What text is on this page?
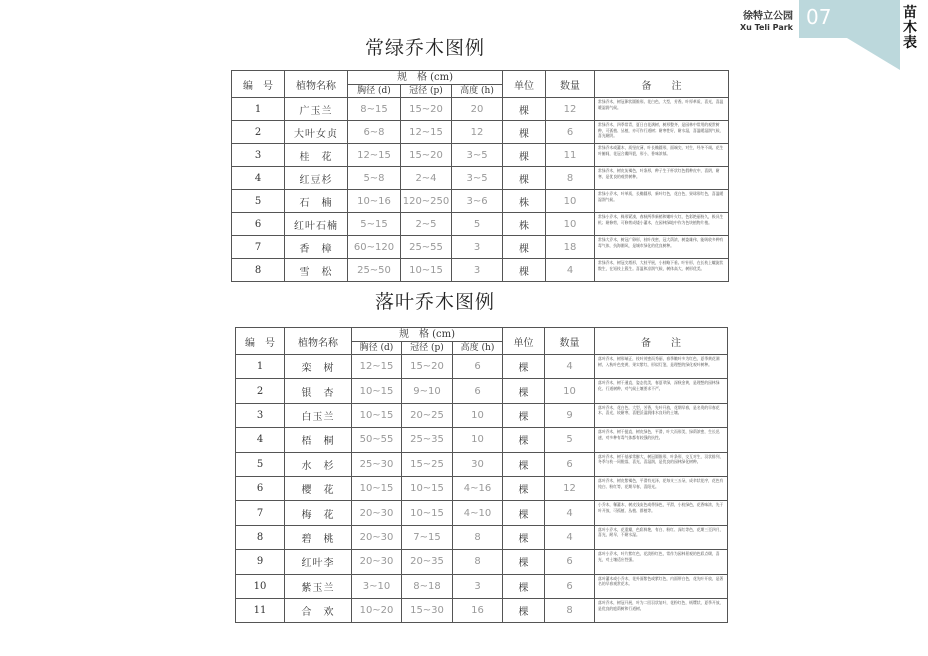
徐特立公园
Xu Teli Park 07	苗木表
常绿乔木图例
编　号	植物名称	规　格 (cm)			单位	数量	备　　注
		胸径 (d)	冠径 (p)	高度 (h)			
1	广玉兰	8~15	15~20	20	棵	12	常绿乔木，树冠卵状圆锥形。花白色，大型，芳香。叶厚革质，喜光，喜温暖湿润气候。
2	大叶女贞	6~8	12~15	12	棵	6	常绿乔木，四季常青，夏日白花满树，树形整齐，是园林中常用的观赏树种，可孤植、丛植，亦可作行道树；耐寒性好，耐水湿，喜温暖湿润气候，喜光耐阴。
3	桂　花	12~15	15~20	3~5	棵	11	常绿乔木或灌木，质坚皮薄，叶长椭圆形，面端尖，对生，经冬不凋。花生叶腑间，花冠合瓣四裂，形小，香味浓郁。
4	红豆杉	5~8	2~4	3~5	棵	8	常绿乔木，树皮灰褐色，叶条形，种子生于杯状红色假种皮中，喜阴，耐寒，是优良的观赏树种。
5	石　楠	10~16	120~250	3~6	株	10	常绿小乔木，叶革质，长椭圆形，新叶红色，花白色，果球形红色，喜温暖湿润气候。
6	红叶石楠	5~15	2~5	5	株	10	常绿小乔木，株形紧凑，春秋两季新梢和嫩叶火红，色彩艳丽持久，极具生机；耐修剪，可修剪成矮小灌木，在园林绿地中作为色块植物片植。
7	香　樟	60~120	25~55	3	棵	18	常绿大乔木，树冠广卵形，枝叶茂密，冠大荫浓，树姿雄伟，能吸收多种有毒气体，抗海潮风，是城市绿化的优良树种。
8	雪　松	25~50	10~15	3	棵	4	常绿乔木，树冠尖塔形，大枝平展，小枝略下垂。叶针形，在长枝上螺旋状散生，在短枝上簇生。喜温和凉润气候，树体高大，树形优美。
落叶乔木图例
编　号	植物名称	规　格 (cm)			单位	数量	备　　注
		胸径 (d)	冠径 (p)	高度 (h)			
1	栾　树	12~15	15~20	6	棵	4	落叶乔木，树形端正，枝叶茂密而秀丽，春季嫩叶多为红色，夏季黄花满树，入秋叶色变黄，果实紫红，形似灯笼，是理想的绿化观叶树种。
2	银　杏	10~15	9~10	6	棵	10	落叶乔木，树干通直，姿态优美，春夏翠绿，深秋金黄，是理想的园林绿化、行道树种，对气候土壤要求不严。
3	白玉兰	10~15	20~25	10	棵	9	落叶乔木，花白色，大型，芳香，先叶开放，花期早春，是名贵的早春花木，喜光，较耐寒，喜肥沃湿润排水良好的土壤。
4	梧　桐	50~55	25~35	10	棵	5	落叶乔木，树干挺直，树皮绿色，平滑，叶大而形美，绿荫浓密，生长迅速，对多种有毒气体都有较强的抗性。
5	水　杉	25~30	15~25	30	棵	6	落叶乔木，树干基部常膨大，树冠圆锥形，叶条形，交互对生，羽状排列，冬季与枝一同脱落，喜光，喜湿润，是优良的园林绿化树种。
6	樱　花	10~15	10~15	4~16	棵	12	落叶乔木，树皮紫褐色，平滑有光泽，花每支三五朵，成伞状花序，花色有纯白、粉红等，花期早春，喜阳光。
7	梅　花	20~30	10~15	4~10	棵	4	小乔木，稀灌木，树皮浅灰色或带绿色，平滑，小枝绿色，花香味浓，先于叶开放，可孤植、丛植、群植等。
8	碧　桃	20~30	7~15	8	棵	4	落叶小乔木，花重瓣，色彩鲜艳，有白、粉红、深红等色，花期三至四月，喜光，耐旱，不耐水湿。
9	红叶李	20~30	20~35	8	棵	6	落叶小乔木，叶片紫红色，花淡粉红色，常作为园林景观的色彩点缀，喜光，对土壤适应性强。
10	紫玉兰	3~10	8~18	3	棵	6	落叶灌木或小乔木，花外面紫色或紫红色，内面带白色，花先叶开放，是著名的早春观赏花木。
11	合　欢	10~20	15~30	16	棵	8	落叶乔木，树冠开展，叶为二回羽状复叶，花粉红色，绒缨状，夏季开放，是优良的庭荫树和行道树。
